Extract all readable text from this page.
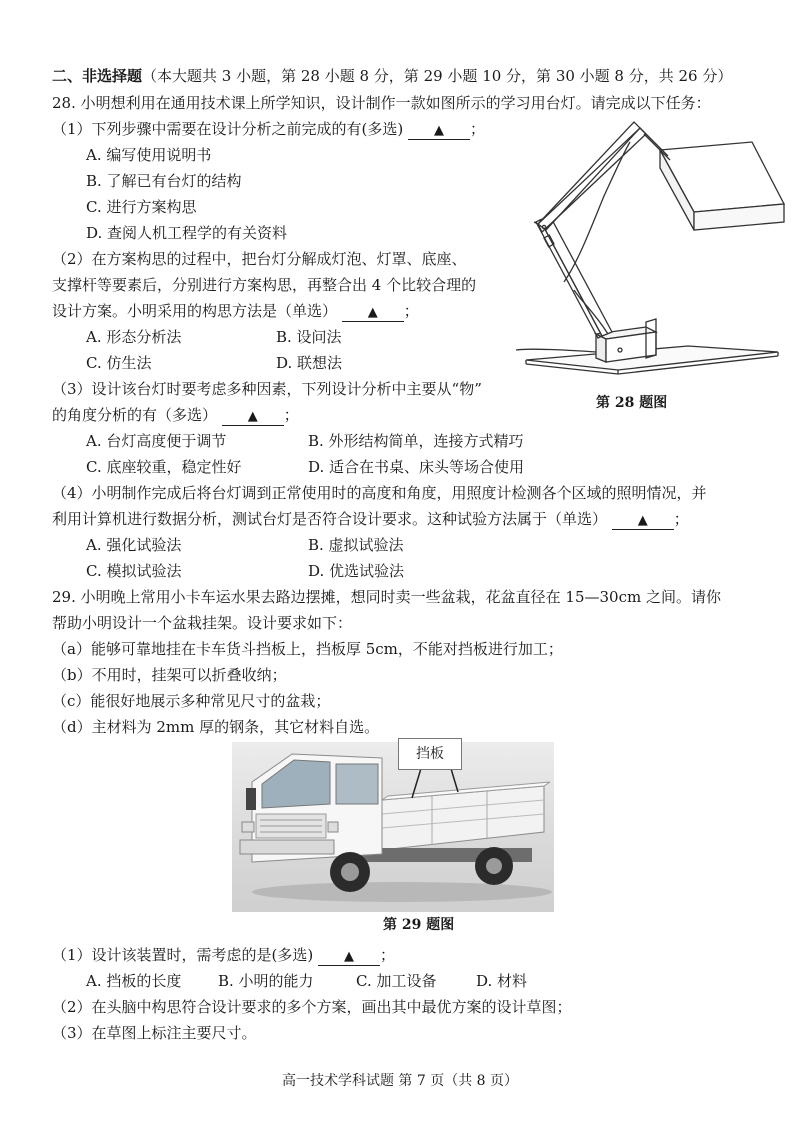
二、非选择题（本大题共 3 小题，第 28 小题 8 分，第 29 小题 10 分，第 30 小题 8 分，共 26 分）
28. 小明想利用在通用技术课上所学知识，设计制作一款如图所示的学习用台灯。请完成以下任务：
（1）下列步骤中需要在设计分析之前完成的有(多选) ▲ ；
A. 编写使用说明书
B. 了解已有台灯的结构
C. 进行方案构思
D. 查阅人机工程学的有关资料
（2）在方案构思的过程中，把台灯分解成灯泡、灯罩、底座、
支撑杆等要素后，分别进行方案构思，再整合出 4 个比较合理的
设计方案。小明采用的构思方法是（单选） ▲ ；
A. 形态分析法	B. 设问法
C. 仿生法	D. 联想法
（3）设计该台灯时要考虑多种因素，下列设计分析中主要从“物”
的角度分析的有（多选） ▲ ；
A. 台灯高度便于调节	B. 外形结构简单，连接方式精巧
C. 底座较重，稳定性好	D. 适合在书桌、床头等场合使用
（4）小明制作完成后将台灯调到正常使用时的高度和角度，用照度计检测各个区域的照明情况，并
利用计算机进行数据分析，测试台灯是否符合设计要求。这种试验方法属于（单选） ▲ ；
A. 强化试验法	B. 虚拟试验法
C. 模拟试验法	D. 优选试验法
第 28 题图
29. 小明晚上常用小卡车运水果去路边摆摊，想同时卖一些盆栽，花盆直径在 15—30cm 之间。请你
帮助小明设计一个盆栽挂架。设计要求如下：
（a）能够可靠地挂在卡车货斗挡板上，挡板厚 5cm，不能对挡板进行加工；
（b）不用时，挂架可以折叠收纳；
（c）能很好地展示多种常见尺寸的盆栽；
（d）主材料为 2mm 厚的钢条，其它材料自选。
挡板
第 29 题图
（1）设计该装置时，需考虑的是(多选) ▲ ；
A. 挡板的长度 B. 小明的能力	C. 加工设备	D. 材料
（2）在头脑中构思符合设计要求的多个方案，画出其中最优方案的设计草图；
（3）在草图上标注主要尺寸。
高一技术学科试题 第 7 页（共 8 页）
